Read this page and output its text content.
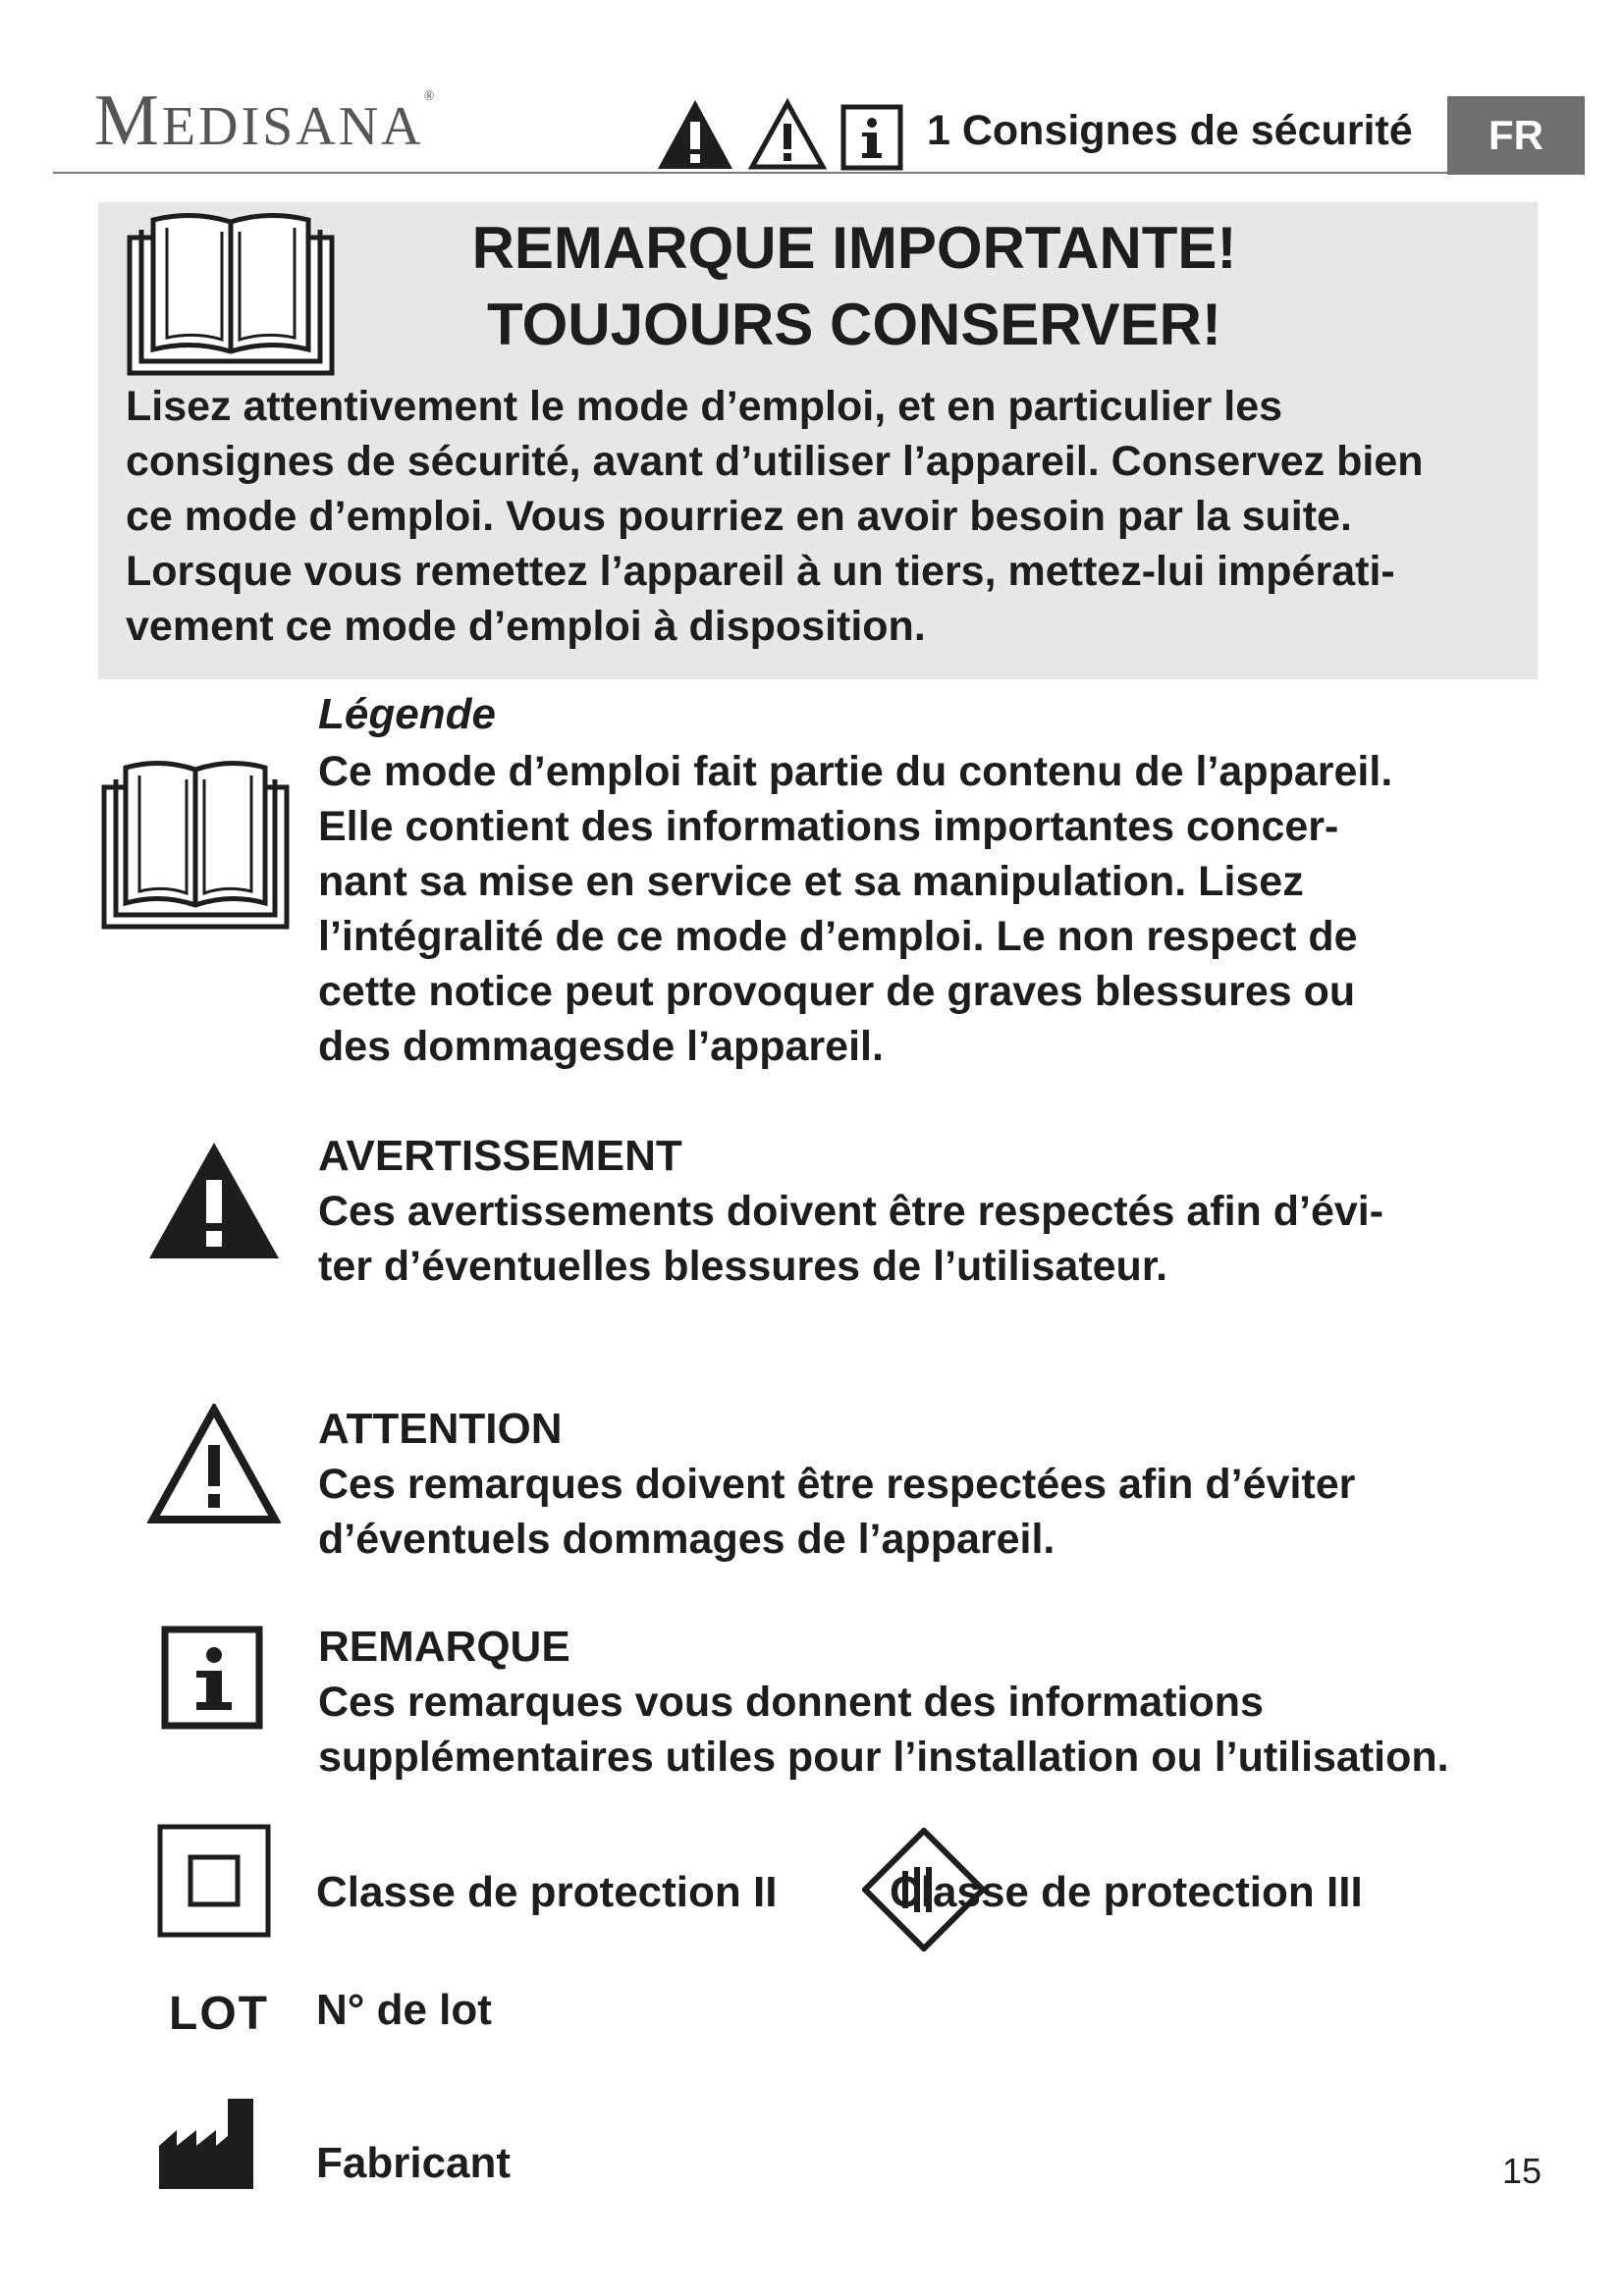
MEDISANA®
1 Consignes de sécurité	FR
REMARQUE IMPORTANTE!
TOUJOURS CONSERVER!
Lisez attentivement le mode d’emploi, et en particulier les
consignes de sécurité, avant d’utiliser l’appareil. Conservez bien
ce mode d’emploi. Vous pourriez en avoir besoin par la suite.
Lorsque vous remettez l’appareil à un tiers, mettez-lui impérati-
vement ce mode d’emploi à disposition.
Légende
Ce mode d’emploi fait partie du contenu de l’appareil.
Elle contient des informations importantes concer-
nant sa mise en service et sa manipulation. Lisez
l’intégralité de ce mode d’emploi. Le non respect de
cette notice peut provoquer de graves blessures ou
des dommagesde l’appareil.
AVERTISSEMENT
Ces avertissements doivent être respectés afin d’évi-
ter d’éventuelles blessures de l’utilisateur.
ATTENTION
Ces remarques doivent être respectées afin d’éviter
d’éventuels dommages de l’appareil.
REMARQUE
Ces remarques vous donnent des informations
supplémentaires utiles pour l’installation ou l’utilisation.
Classe de protection II	Classe de protection III
LOT N° de lot
Fabricant	15
